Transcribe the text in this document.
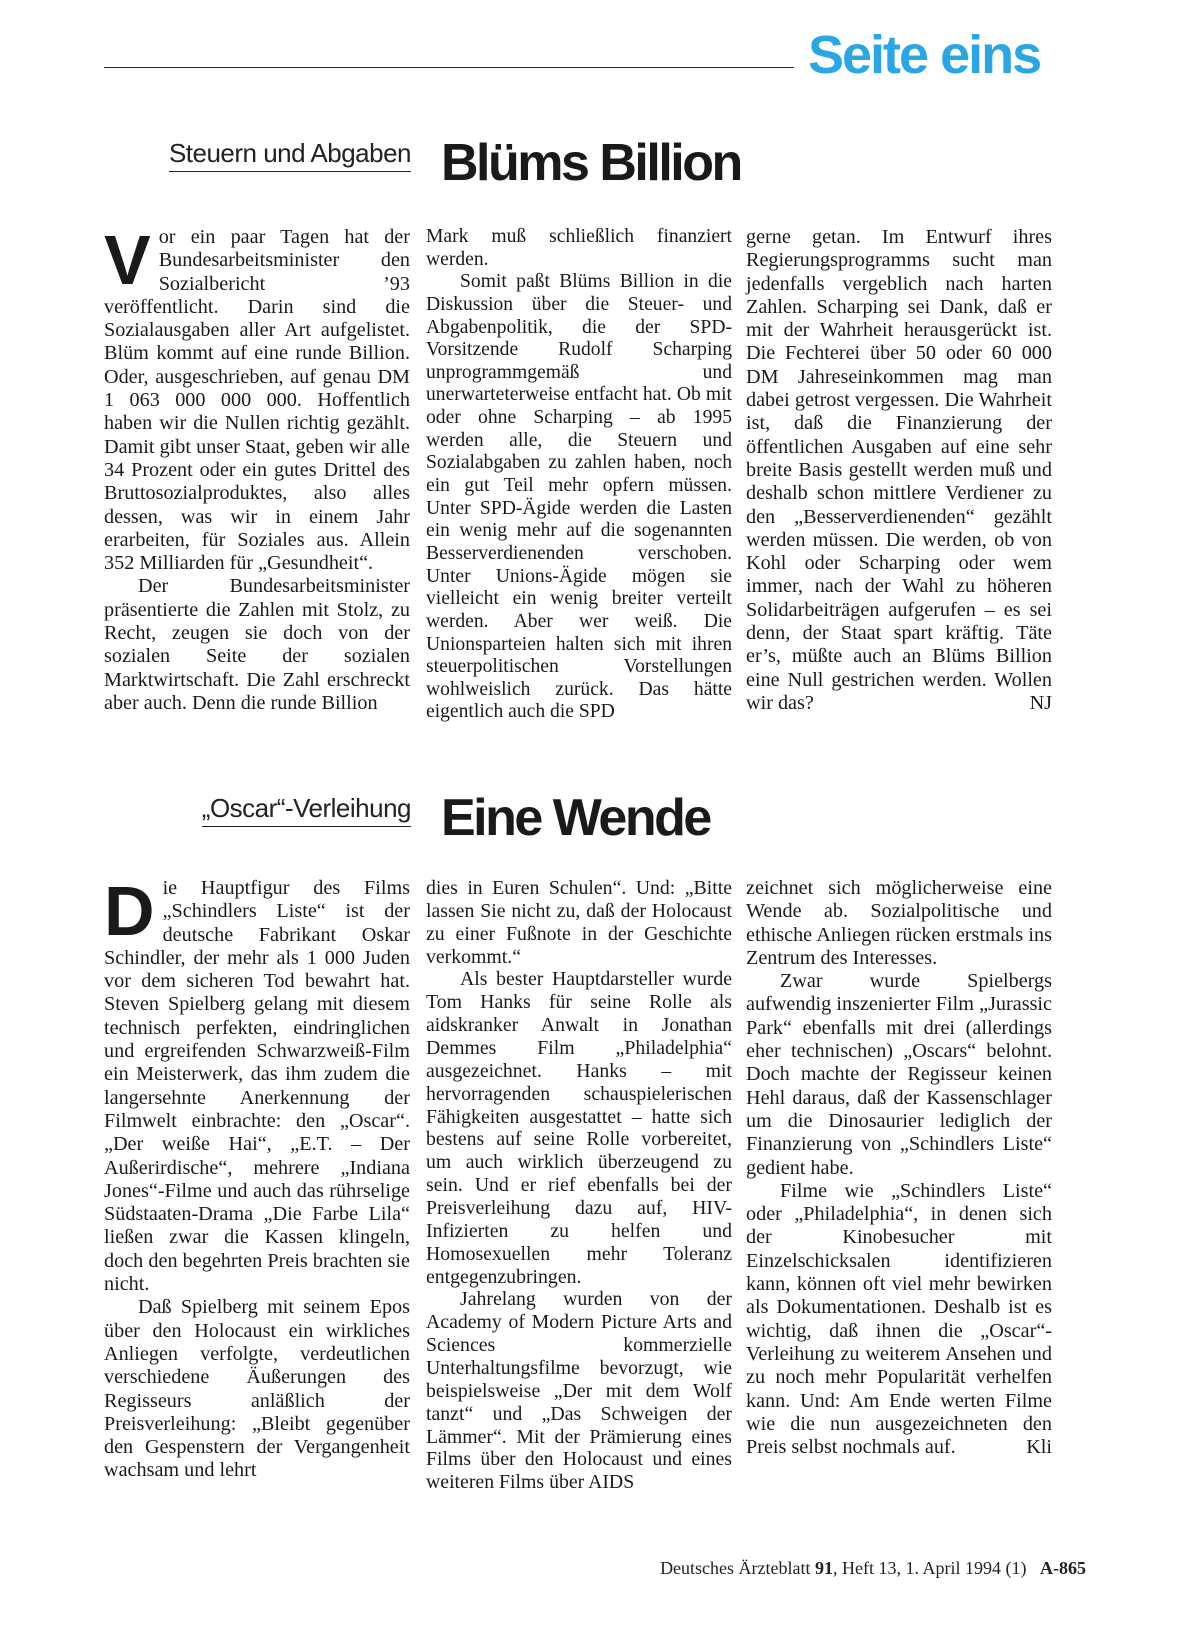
Seite eins
Steuern und Abgaben Blüms Billion

Vor ein paar Tagen hat der Bundesarbeitsminister den Sozialbericht ’93 veröffentlicht. Darin sind die Sozialausgaben aller Art aufgelistet. Blüm kommt auf eine runde Billion. Oder, ausgeschrieben, auf genau DM 1 063 000 000 000. Hoffentlich haben wir die Nullen richtig gezählt. Damit gibt unser Staat, geben wir alle 34 Prozent oder ein gutes Drittel des Bruttosozialproduktes, also alles dessen, was wir in einem Jahr erarbeiten, für Soziales aus. Allein 352 Milliarden für „Gesundheit“.

Der Bundesarbeitsminister präsentierte die Zahlen mit Stolz, zu Recht, zeugen sie doch von der sozialen Seite der sozialen Marktwirtschaft. Die Zahl erschreckt aber auch. Denn die runde Billion

Mark muß schließlich finanziert werden.

Somit paßt Blüms Billion in die Diskussion über die Steuer- und Abgabenpolitik, die der SPD-Vorsitzende Rudolf Scharping unprogrammgemäß und unerwarteterweise entfacht hat. Ob mit oder ohne Scharping – ab 1995 werden alle, die Steuern und Sozialabgaben zu zahlen haben, noch ein gut Teil mehr opfern müssen. Unter SPD-Ägide werden die Lasten ein wenig mehr auf die sogenannten Besserverdienenden verschoben. Unter Unions-Ägide mögen sie vielleicht ein wenig breiter verteilt werden. Aber wer weiß. Die Unionsparteien halten sich mit ihren steuerpolitischen Vorstellungen wohlweislich zurück. Das hätte eigentlich auch die SPD

gerne getan. Im Entwurf ihres Regierungsprogramms sucht man jedenfalls vergeblich nach harten Zahlen. Scharping sei Dank, daß er mit der Wahrheit herausgerückt ist. Die Fechterei über 50 oder 60 000 DM Jahreseinkommen mag man dabei getrost vergessen. Die Wahrheit ist, daß die Finanzierung der öffentlichen Ausgaben auf eine sehr breite Basis gestellt werden muß und deshalb schon mittlere Verdiener zu den „Besserverdienenden“ gezählt werden müssen. Die werden, ob von Kohl oder Scharping oder wem immer, nach der Wahl zu höheren Solidarbeiträgen aufgerufen – es sei denn, der Staat spart kräftig. Täte er’s, müßte auch an Blüms Billion eine Null gestrichen werden. Wollen wir das?	NJ

„Oscar“-Verleihung Eine Wende

Die Hauptfigur des Films „Schindlers Liste“ ist der deutsche Fabrikant Oskar Schindler, der mehr als 1 000 Juden vor dem sicheren Tod bewahrt hat. Steven Spielberg gelang mit diesem technisch perfekten, eindringlichen und ergreifenden Schwarzweiß-Film ein Meisterwerk, das ihm zudem die langersehnte Anerkennung der Filmwelt einbrachte: den „Oscar“. „Der weiße Hai“, „E.T. – Der Außerirdische“, mehrere „Indiana Jones“-Filme und auch das rührselige Südstaaten-Drama „Die Farbe Lila“ ließen zwar die Kassen klingeln, doch den begehrten Preis brachten sie nicht.

Daß Spielberg mit seinem Epos über den Holocaust ein wirkliches Anliegen verfolgte, verdeutlichen verschiedene Äußerungen des Regisseurs anläßlich der Preisverleihung: „Bleibt gegenüber den Gespenstern der Vergangenheit wachsam und lehrt

dies in Euren Schulen“. Und: „Bitte lassen Sie nicht zu, daß der Holocaust zu einer Fußnote in der Geschichte verkommt.“

Als bester Hauptdarsteller wurde Tom Hanks für seine Rolle als aidskranker Anwalt in Jonathan Demmes Film „Philadelphia“ ausgezeichnet. Hanks – mit hervorragenden schauspielerischen Fähigkeiten ausgestattet – hatte sich bestens auf seine Rolle vorbereitet, um auch wirklich überzeugend zu sein. Und er rief ebenfalls bei der Preisverleihung dazu auf, HIV-Infizierten zu helfen und Homosexuellen mehr Toleranz entgegenzubringen.

Jahrelang wurden von der Academy of Modern Picture Arts and Sciences kommerzielle Unterhaltungsfilme bevorzugt, wie beispielsweise „Der mit dem Wolf tanzt“ und „Das Schweigen der Lämmer“. Mit der Prämierung eines Films über den Holocaust und eines weiteren Films über AIDS

zeichnet sich möglicherweise eine Wende ab. Sozialpolitische und ethische Anliegen rücken erstmals ins Zentrum des Interesses.

Zwar wurde Spielbergs aufwendig inszenierter Film „Jurassic Park“ ebenfalls mit drei (allerdings eher technischen) „Oscars“ belohnt. Doch machte der Regisseur keinen Hehl daraus, daß der Kassenschlager um die Dinosaurier lediglich der Finanzierung von „Schindlers Liste“ gedient habe.

Filme wie „Schindlers Liste“ oder „Philadelphia“, in denen sich der Kinobesucher mit Einzelschicksalen identifizieren kann, können oft viel mehr bewirken als Dokumentationen. Deshalb ist es wichtig, daß ihnen die „Oscar“-Verleihung zu weiterem Ansehen und zu noch mehr Popularität verhelfen kann. Und: Am Ende werten Filme wie die nun ausgezeichneten den Preis selbst nochmals auf.	Kli

Deutsches Ärzteblatt 91, Heft 13, 1. April 1994 (1) A-865
